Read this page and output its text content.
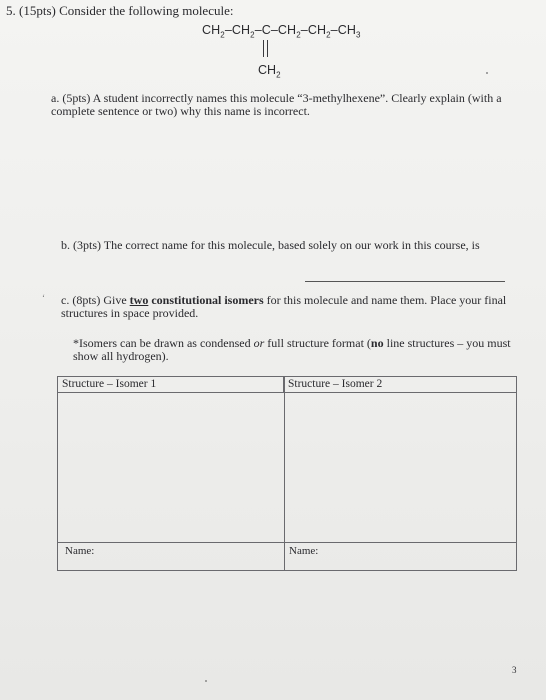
5. (15pts) Consider the following molecule:
$CH_2-CH_2-C-CH_2-CH_2-CH_3$
$CH_2$
a. (5pts) A student incorrectly names this molecule “3-methylhexene”. Clearly explain (with a complete sentence or two) why this name is incorrect.
b. (3pts) The correct name for this molecule, based solely on our work in this course, is
‘ c. (8pts) Give two constitutional isomers for this molecule and name them. Place your final structures in space provided.
*Isomers can be drawn as condensed or full structure format (no line structures – you must show all hydrogen).
Structure – Isomer 1	Structure – Isomer 2
Name:	Name:
3
